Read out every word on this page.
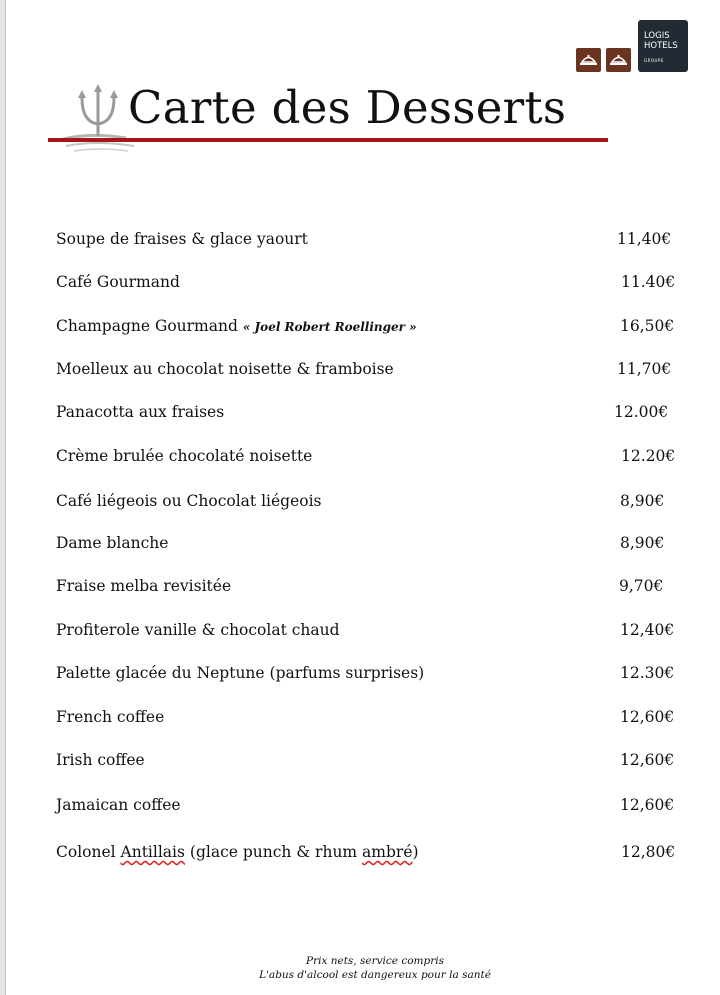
LOGIS
HOTELS
GROUPE
Carte des Desserts
Soupe de fraises & glace yaourt	11,40€
Café Gourmand	11.40€
Champagne Gourmand « Joel Robert Roellinger »	16,50€
Moelleux au chocolat noisette & framboise	11,70€
Panacotta aux fraises	12.00€
Crème brulée chocolaté noisette	12.20€
Café liégeois ou Chocolat liégeois	8,90€
Dame blanche	8,90€
Fraise melba revisitée	9,70€
Profiterole vanille & chocolat chaud	12,40€
Palette glacée du Neptune (parfums surprises)	12.30€
French coffee	12,60€
Irish coffee	12,60€
Jamaican coffee	12,60€
Colonel Antillais (glace punch & rhum ambré)	12,80€
Prix nets, service compris
L'abus d'alcool est dangereux pour la santé
